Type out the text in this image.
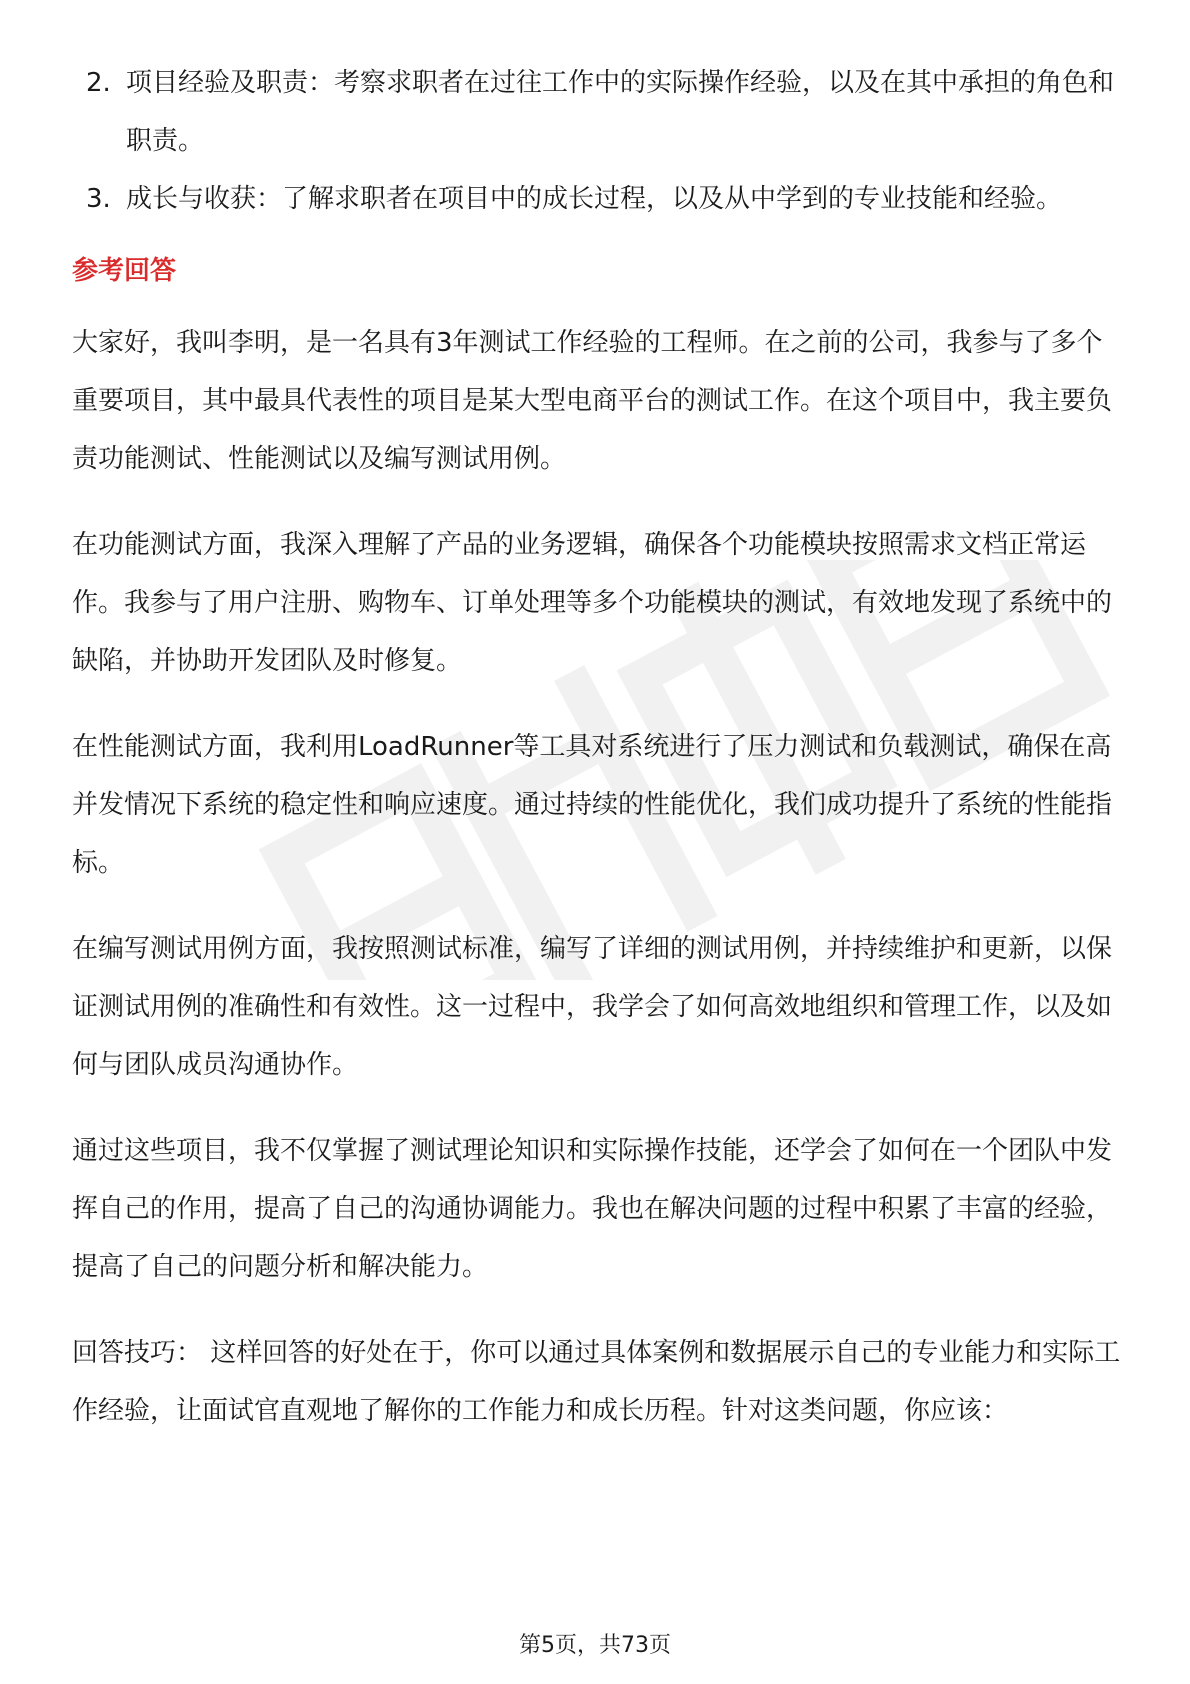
2. 项目经验及职责：考察求职者在过往工作中的实际操作经验，以及在其中承担的角色和职责。
3. 成长与收获：了解求职者在项目中的成长过程，以及从中学到的专业技能和经验。
参考回答

大家好，我叫李明，是一名具有3年测试工作经验的工程师。在之前的公司，我参与了多个重要项目，其中最具代表性的项目是某大型电商平台的测试工作。在这个项目中，我主要负责功能测试、性能测试以及编写测试用例。

在功能测试方面，我深入理解了产品的业务逻辑，确保各个功能模块按照需求文档正常运作。我参与了用户注册、购物车、订单处理等多个功能模块的测试，有效地发现了系统中的缺陷，并协助开发团队及时修复。

在性能测试方面，我利用LoadRunner等工具对系统进行了压力测试和负载测试，确保在高并发情况下系统的稳定性和响应速度。通过持续的性能优化，我们成功提升了系统的性能指标。

在编写测试用例方面，我按照测试标准，编写了详细的测试用例，并持续维护和更新，以保证测试用例的准确性和有效性。这一过程中，我学会了如何高效地组织和管理工作，以及如何与团队成员沟通协作。

通过这些项目，我不仅掌握了测试理论知识和实际操作技能，还学会了如何在一个团队中发挥自己的作用，提高了自己的沟通协调能力。我也在解决问题的过程中积累了丰富的经验，提高了自己的问题分析和解决能力。

回答技巧： 这样回答的好处在于，你可以通过具体案例和数据展示自己的专业能力和实际工作经验，让面试官直观地了解你的工作能力和成长历程。针对这类问题，你应该：

第5页，共73页
